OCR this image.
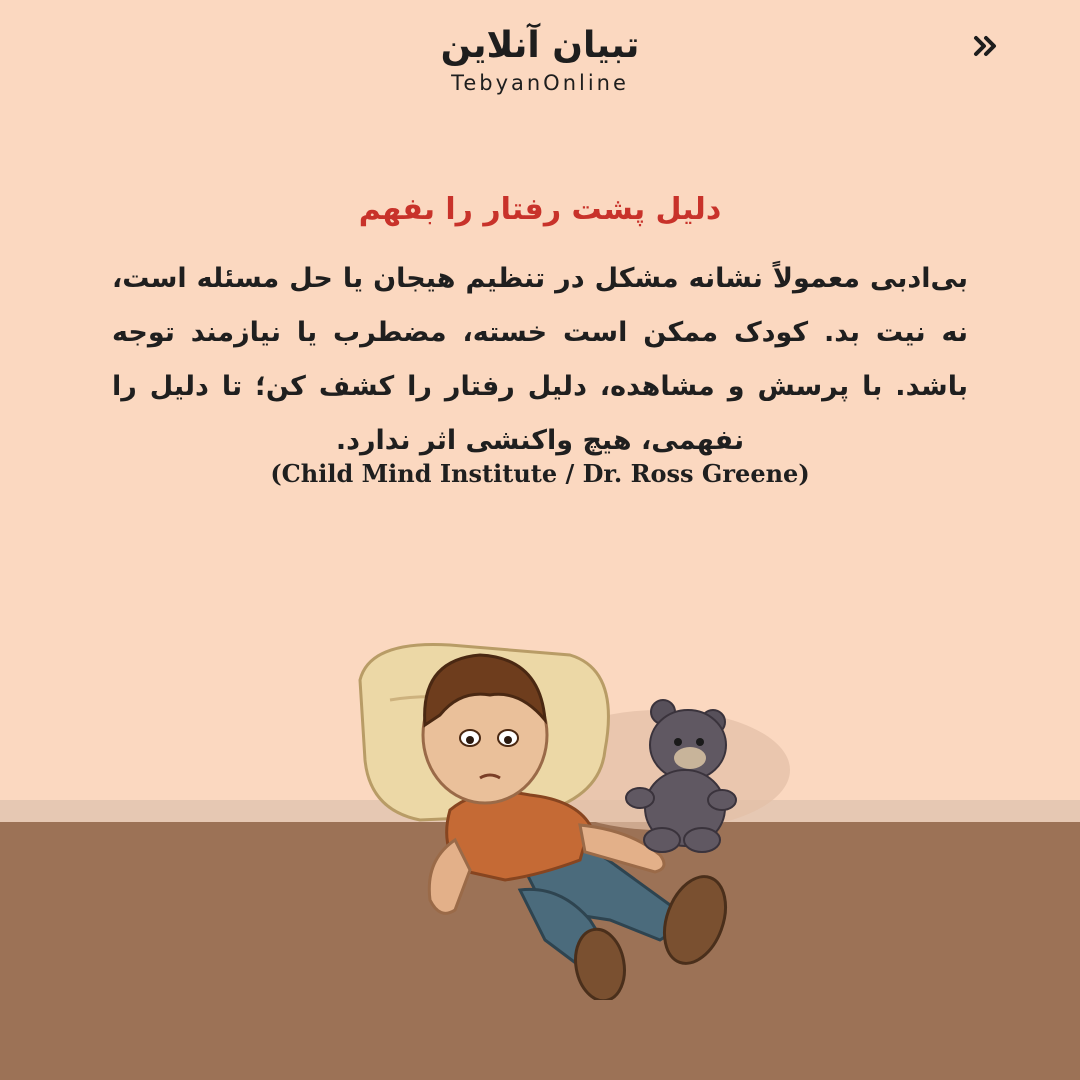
تبیان آنلاین
TebyanOnline
دلیل پشت رفتار را بفهم
بی‌ادبی معمولاً نشانه مشکل در تنظیم هیجان یا حل مسئله است، نه نیت بد. کودک ممکن است خسته، مضطرب یا نیازمند توجه باشد. با پرسش و مشاهده، دلیل رفتار را کشف کن؛ تا دلیل را نفهمی، هیچ واکنشی اثر ندارد.
(Child Mind Institute / Dr. Ross Greene)
